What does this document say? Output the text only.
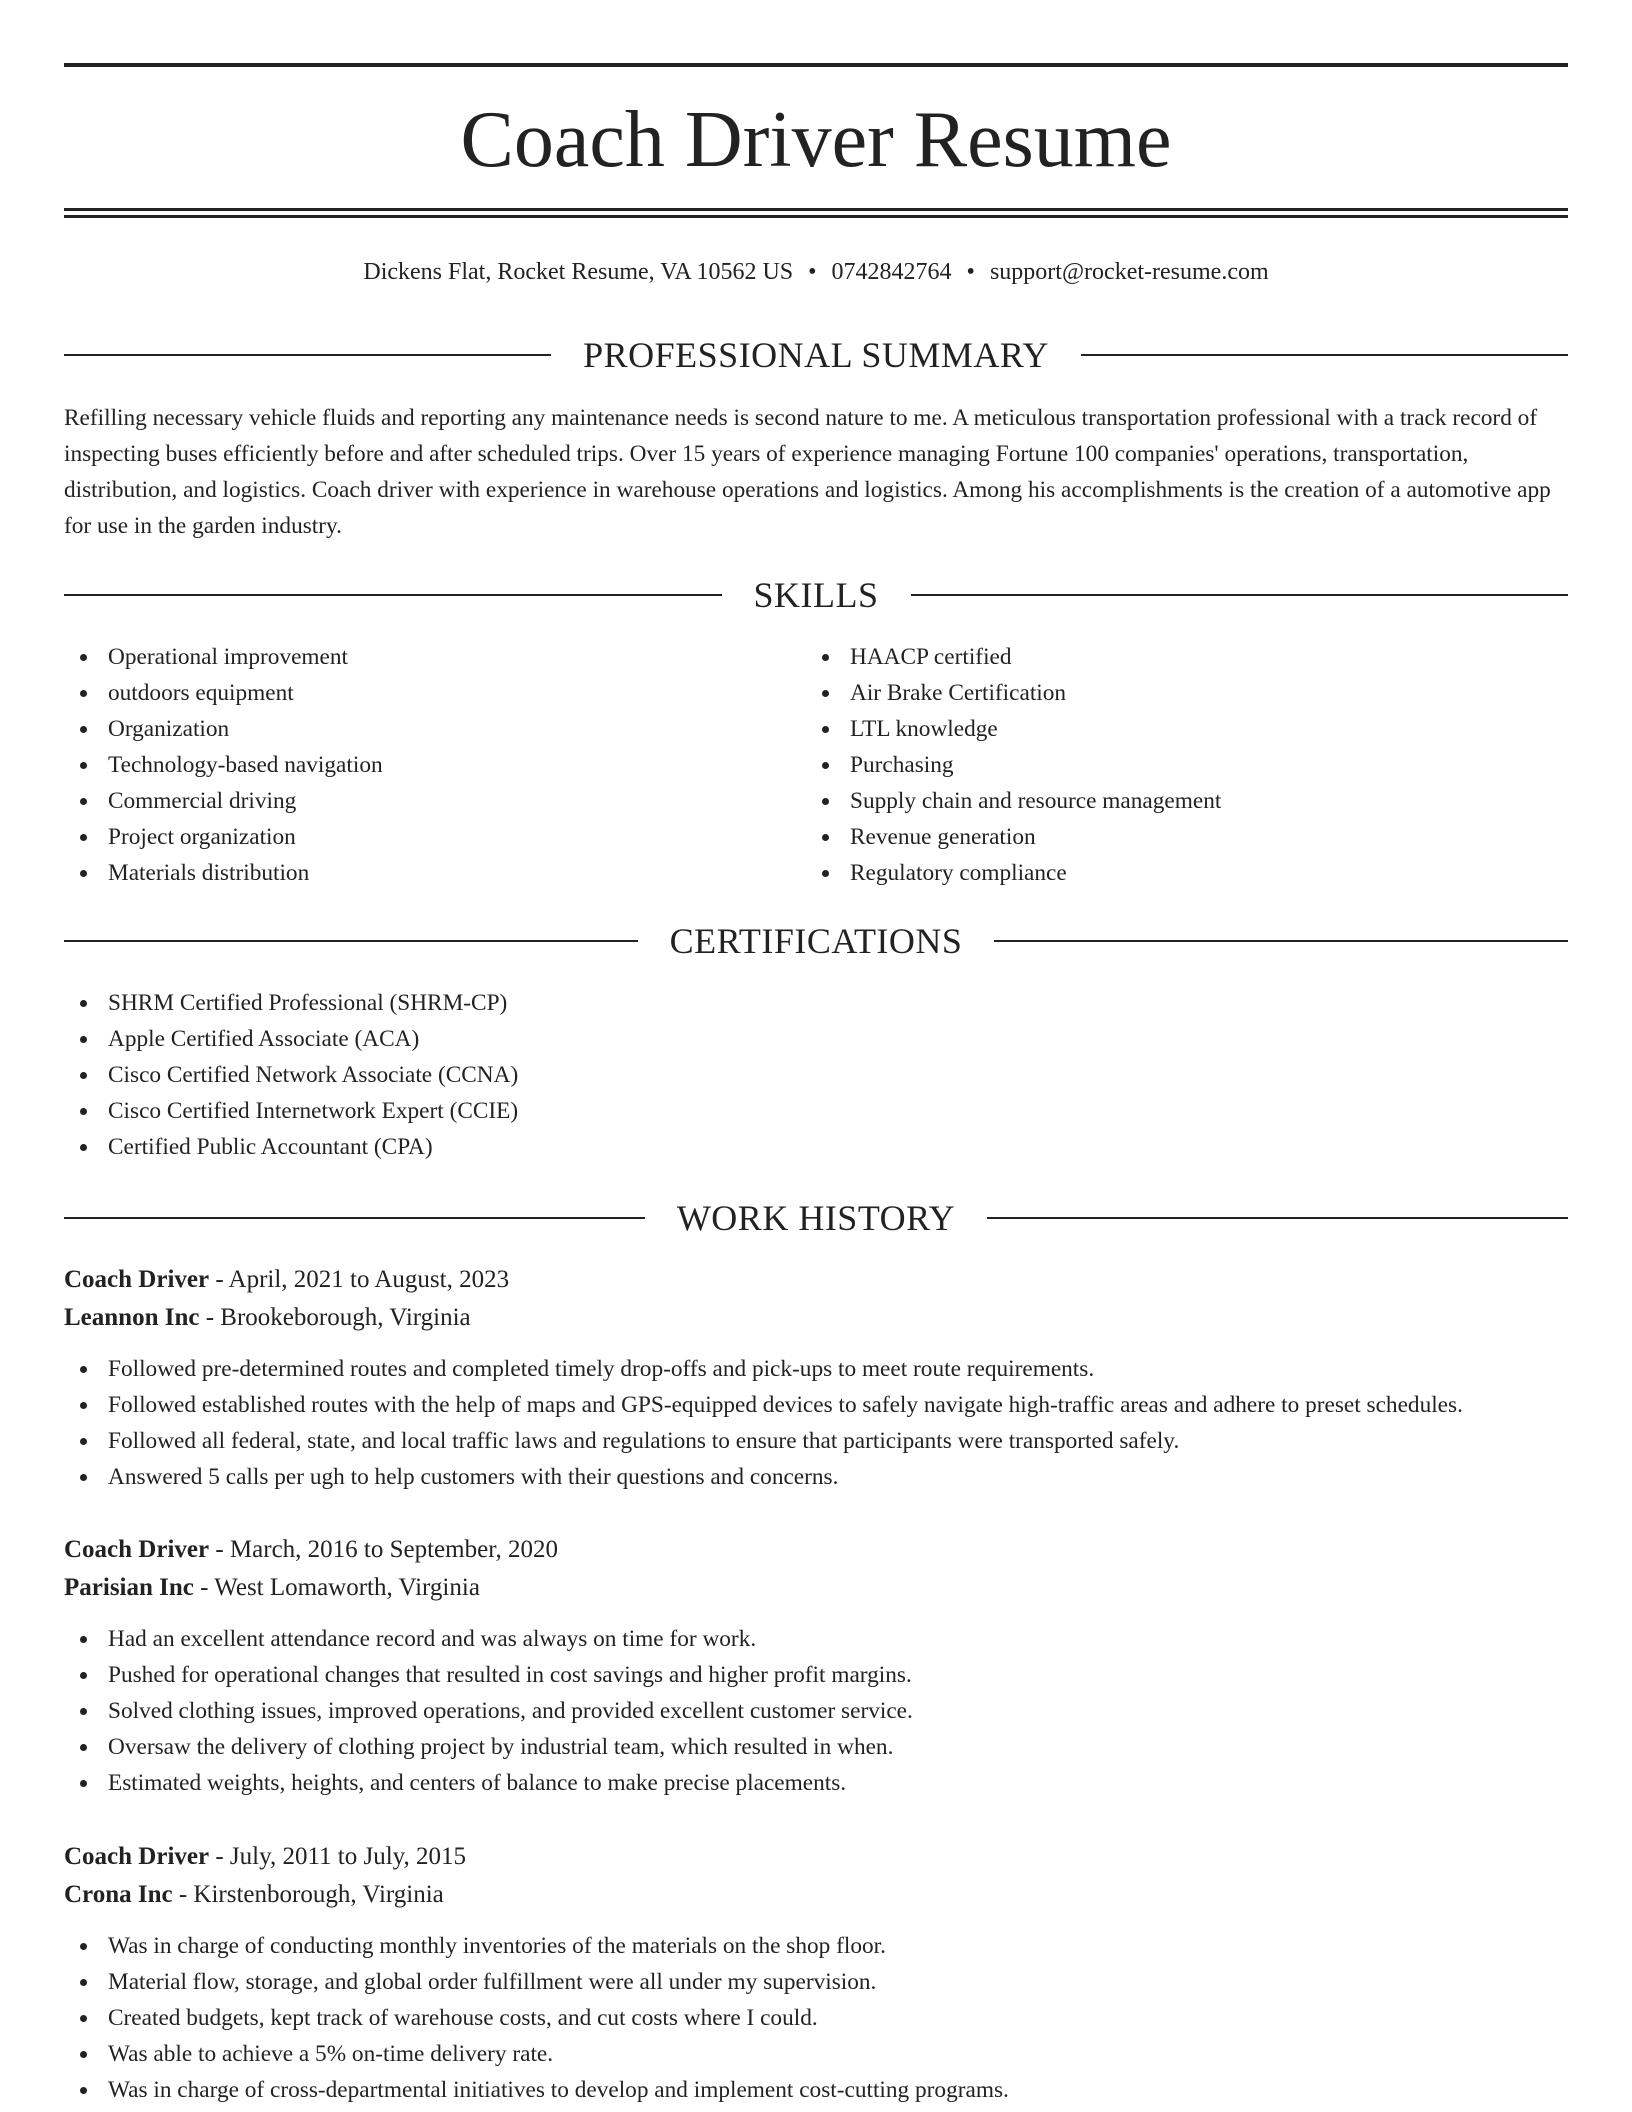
Coach Driver Resume
Dickens Flat, Rocket Resume, VA 10562 US • 0742842764 • support@rocket-resume.com
PROFESSIONAL SUMMARY

Refilling necessary vehicle fluids and reporting any maintenance needs is second nature to me. A meticulous transportation professional with a track record of inspecting buses efficiently before and after scheduled trips. Over 15 years of experience managing Fortune 100 companies' operations, transportation, distribution, and logistics. Coach driver with experience in warehouse operations and logistics. Among his accomplishments is the creation of a automotive app for use in the garden industry.

SKILLS
Operational improvement
outdoors equipment
Organization
Technology-based navigation
Commercial driving
Project organization
Materials distribution
HAACP certified
Air Brake Certification
LTL knowledge
Purchasing
Supply chain and resource management
Revenue generation
Regulatory compliance
CERTIFICATIONS
SHRM Certified Professional (SHRM-CP)
Apple Certified Associate (ACA)
Cisco Certified Network Associate (CCNA)
Cisco Certified Internetwork Expert (CCIE)
Certified Public Accountant (CPA)
WORK HISTORY
Coach Driver - April, 2021 to August, 2023
Leannon Inc - Brookeborough, Virginia
Followed pre-determined routes and completed timely drop-offs and pick-ups to meet route requirements.
Followed established routes with the help of maps and GPS-equipped devices to safely navigate high-traffic areas and adhere to preset schedules.
Followed all federal, state, and local traffic laws and regulations to ensure that participants were transported safely.
Answered 5 calls per ugh to help customers with their questions and concerns.
Coach Driver - March, 2016 to September, 2020
Parisian Inc - West Lomaworth, Virginia
Had an excellent attendance record and was always on time for work.
Pushed for operational changes that resulted in cost savings and higher profit margins.
Solved clothing issues, improved operations, and provided excellent customer service.
Oversaw the delivery of clothing project by industrial team, which resulted in when.
Estimated weights, heights, and centers of balance to make precise placements.
Coach Driver - July, 2011 to July, 2015
Crona Inc - Kirstenborough, Virginia
Was in charge of conducting monthly inventories of the materials on the shop floor.
Material flow, storage, and global order fulfillment were all under my supervision.
Created budgets, kept track of warehouse costs, and cut costs where I could.
Was able to achieve a 5% on-time delivery rate.
Was in charge of cross-departmental initiatives to develop and implement cost-cutting programs.
